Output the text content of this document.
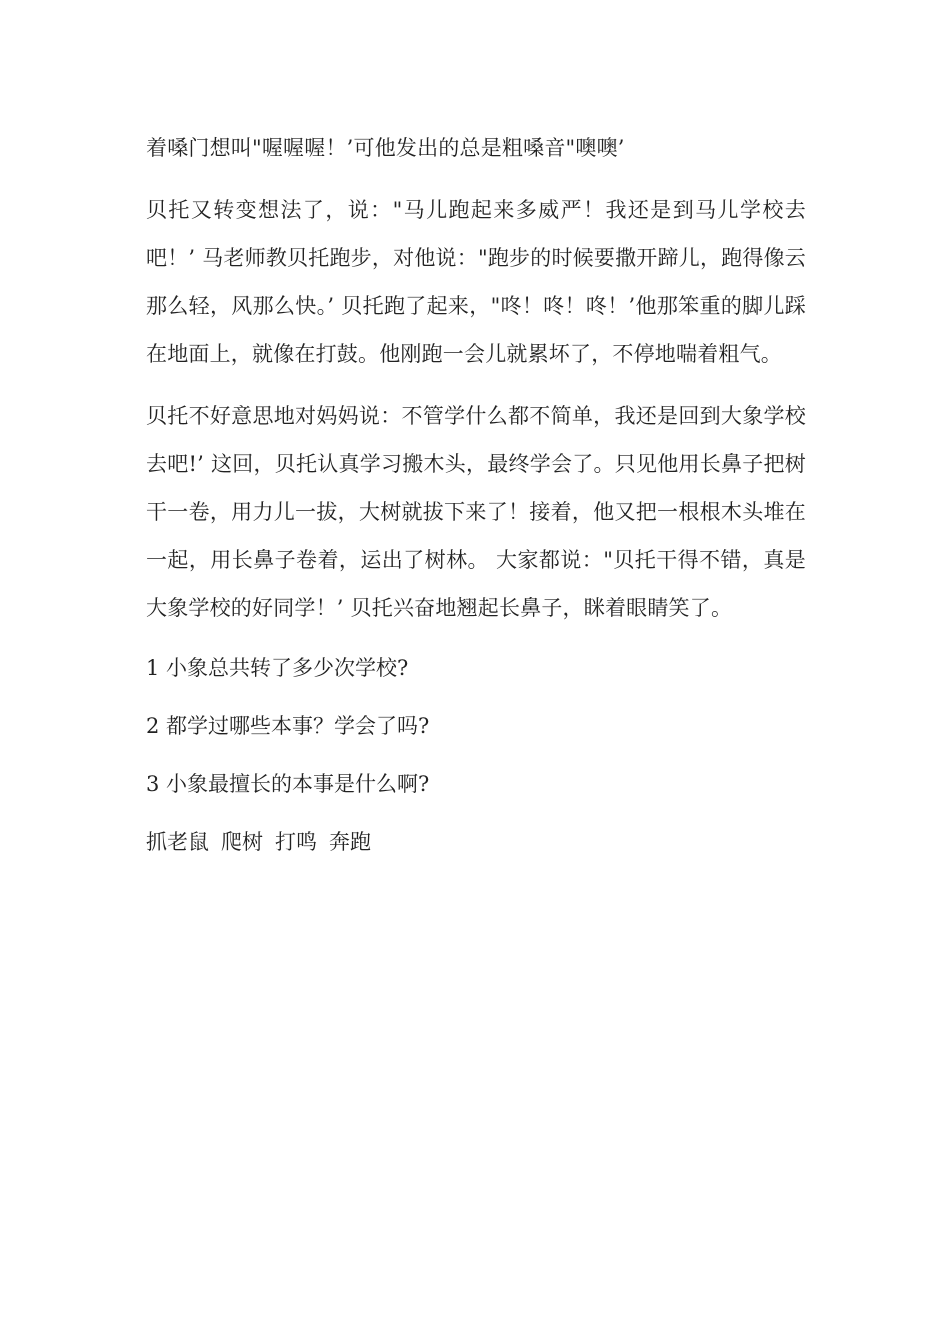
着嗓门想叫"喔喔喔！’可他发出的总是粗嗓音"噢噢’

贝托又转变想法了，说："马儿跑起来多威严！我还是到马儿学校去吧！’ 马老师教贝托跑步，对他说："跑步的时候要撒开蹄儿，跑得像云那么轻，风那么快。’ 贝托跑了起来，"咚！咚！咚！’他那笨重的脚儿踩在地面上，就像在打鼓。他刚跑一会儿就累坏了，不停地喘着粗气。

贝托不好意思地对妈妈说：不管学什么都不简单，我还是回到大象学校去吧!’ 这回，贝托认真学习搬木头，最终学会了。只见他用长鼻子把树干一卷，用力儿一拔，大树就拔下来了！接着，他又把一根根木头堆在一起，用长鼻子卷着，运出了树林。 大家都说："贝托干得不错，真是大象学校的好同学！’ 贝托兴奋地翘起长鼻子，眯着眼睛笑了。

1 小象总共转了多少次学校?

2 都学过哪些本事？学会了吗?

3 小象最擅长的本事是什么啊?

抓老鼠 爬树 打鸣 奔跑
